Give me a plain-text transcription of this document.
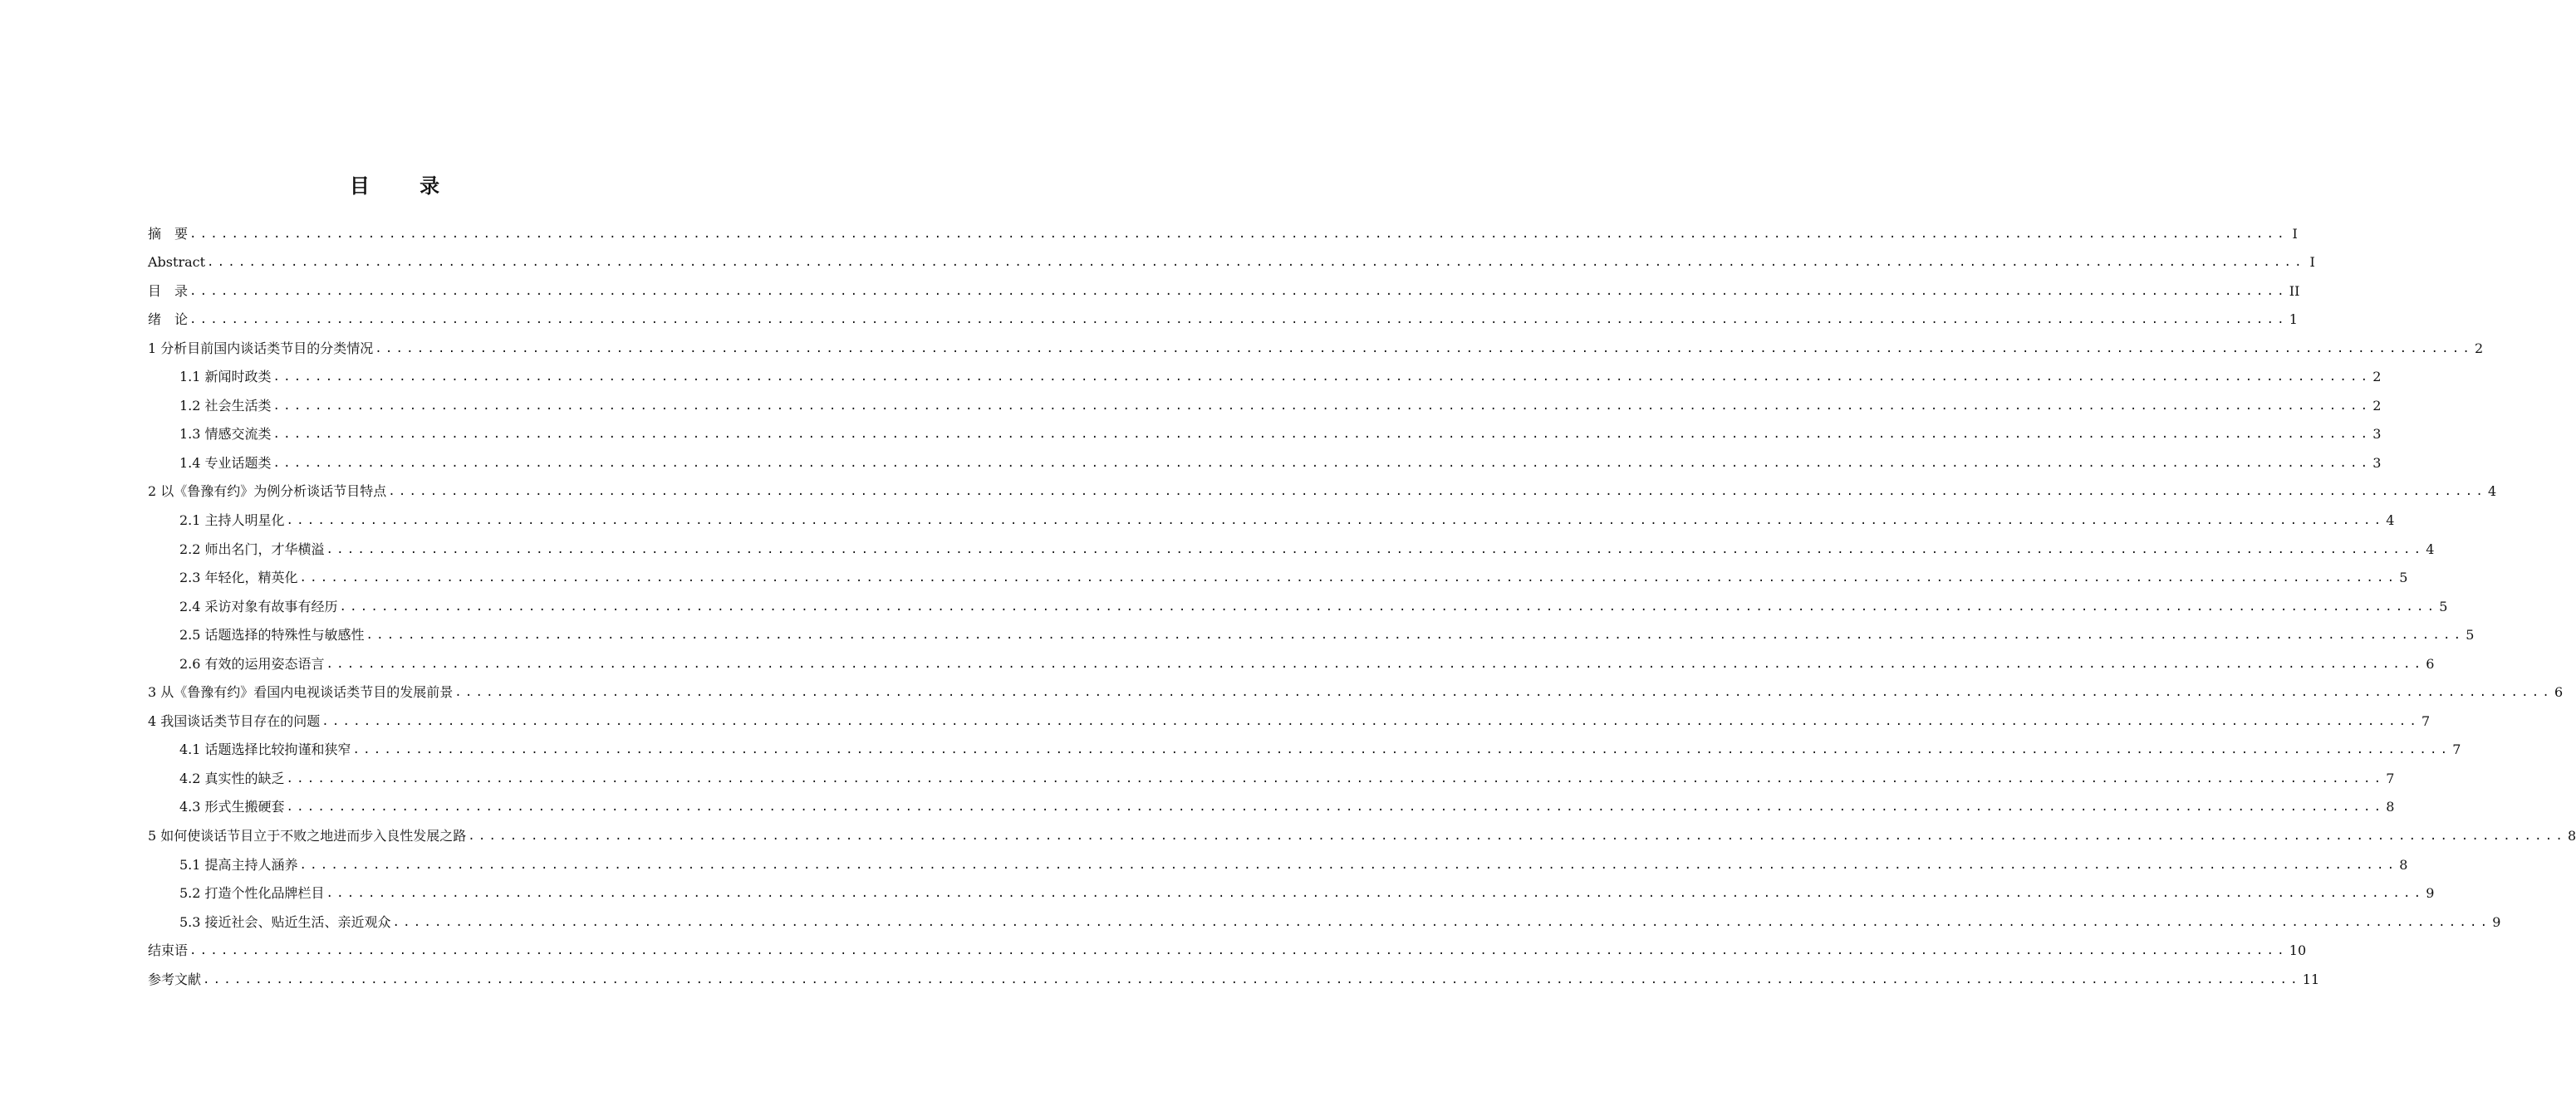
目 录
摘　要 ........................................................................................................................................................................................................ I
Abstract ........................................................................................................................................................................................................ I
目　录 ........................................................................................................................................................................................................ II
绪　论 ........................................................................................................................................................................................................ 1
1 分析目前国内谈话类节目的分类情况 ........................................................................................................................................................................................................ 2
1.1 新闻时政类 ........................................................................................................................................................................................................ 2
1.2 社会生活类 ........................................................................................................................................................................................................ 2
1.3 情感交流类 ........................................................................................................................................................................................................ 3
1.4 专业话题类 ........................................................................................................................................................................................................ 3
2 以《鲁豫有约》为例分析谈话节目特点 ........................................................................................................................................................................................................ 4
2.1 主持人明星化 ........................................................................................................................................................................................................ 4
2.2 师出名门，才华横溢 ........................................................................................................................................................................................................ 4
2.3 年轻化，精英化 ........................................................................................................................................................................................................ 5
2.4 采访对象有故事有经历 ........................................................................................................................................................................................................ 5
2.5 话题选择的特殊性与敏感性 ........................................................................................................................................................................................................ 5
2.6 有效的运用姿态语言 ........................................................................................................................................................................................................ 6
3 从《鲁豫有约》看国内电视谈话类节目的发展前景 ........................................................................................................................................................................................................ 6
4 我国谈话类节目存在的问题 ........................................................................................................................................................................................................ 7
4.1 话题选择比较拘谨和狭窄 ........................................................................................................................................................................................................ 7
4.2 真实性的缺乏 ........................................................................................................................................................................................................ 7
4.3 形式生搬硬套 ........................................................................................................................................................................................................ 8
5 如何使谈话节目立于不败之地进而步入良性发展之路 ........................................................................................................................................................................................................ 8
5.1 提高主持人涵养 ........................................................................................................................................................................................................ 8
5.2 打造个性化品牌栏目 ........................................................................................................................................................................................................ 9
5.3 接近社会、贴近生活、亲近观众 ........................................................................................................................................................................................................ 9
结束语 ........................................................................................................................................................................................................ 10
参考文献 ........................................................................................................................................................................................................ 11
